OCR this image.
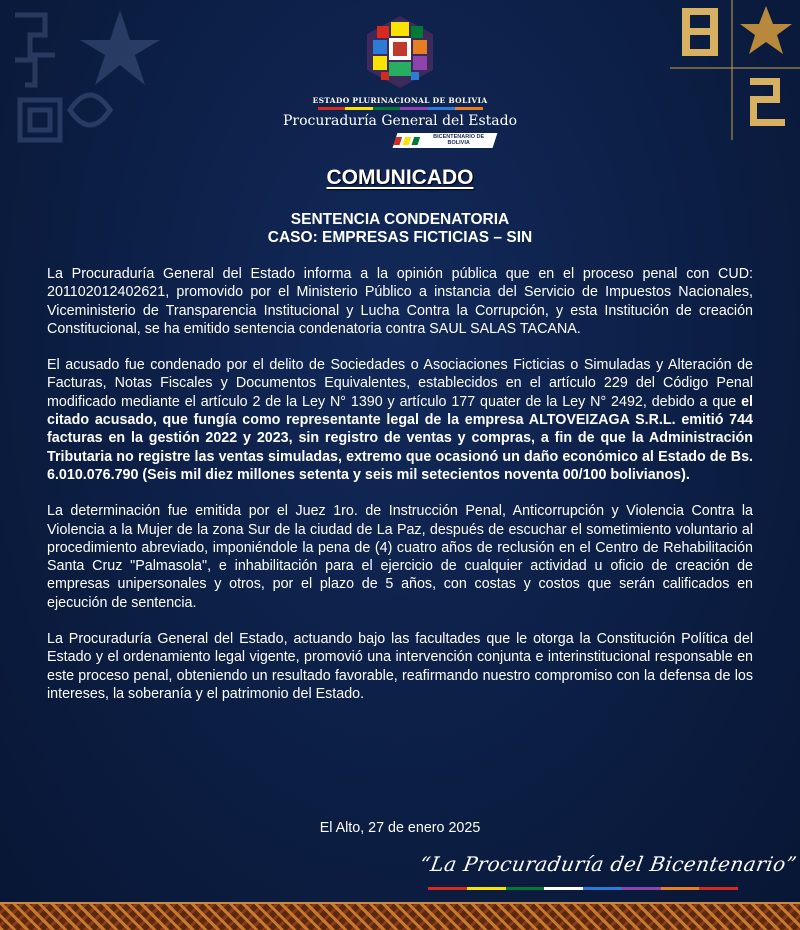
ESTADO PLURINACIONAL DE BOLIVIA
Procuraduría General del Estado
BICENTENARIO DE BOLIVIA
COMUNICADO
SENTENCIA CONDENATORIA
CASO: EMPRESAS FICTICIAS – SIN

La Procuraduría General del Estado informa a la opinión pública que en el proceso penal con CUD: 201102012402621, promovido por el Ministerio Público a instancia del Servicio de Impuestos Nacionales, Viceministerio de Transparencia Institucional y Lucha Contra la Corrupción, y esta Institución de creación Constitucional, se ha emitido sentencia condenatoria contra SAUL SALAS TACANA.

El acusado fue condenado por el delito de Sociedades o Asociaciones Ficticias o Simuladas y Alteración de Facturas, Notas Fiscales y Documentos Equivalentes, establecidos en el artículo 229 del Código Penal modificado mediante el artículo 2 de la Ley N° 1390 y artículo 177 quater de la Ley N° 2492, debido a que el citado acusado, que fungía como representante legal de la empresa ALTOVEIZAGA S.R.L. emitió 744 facturas en la gestión 2022 y 2023, sin registro de ventas y compras, a fin de que la Administración Tributaria no registre las ventas simuladas, extremo que ocasionó un daño económico al Estado de Bs. 6.010.076.790 (Seis mil diez millones setenta y seis mil setecientos noventa 00/100 bolivianos).

La determinación fue emitida por el Juez 1ro. de Instrucción Penal, Anticorrupción y Violencia Contra la Violencia a la Mujer de la zona Sur de la ciudad de La Paz, después de escuchar el sometimiento voluntario al procedimiento abreviado, imponiéndole la pena de (4) cuatro años de reclusión en el Centro de Rehabilitación Santa Cruz "Palmasola", e inhabilitación para el ejercicio de cualquier actividad u oficio de creación de empresas unipersonales y otros, por el plazo de 5 años, con costas y costos que serán calificados en ejecución de sentencia.

La Procuraduría General del Estado, actuando bajo las facultades que le otorga la Constitución Política del Estado y el ordenamiento legal vigente, promovió una intervención conjunta e interinstitucional responsable en este proceso penal, obteniendo un resultado favorable, reafirmando nuestro compromiso con la defensa de los intereses, la soberanía y el patrimonio del Estado.

El Alto, 27 de enero 2025
“La Procuraduría del Bicentenario”
